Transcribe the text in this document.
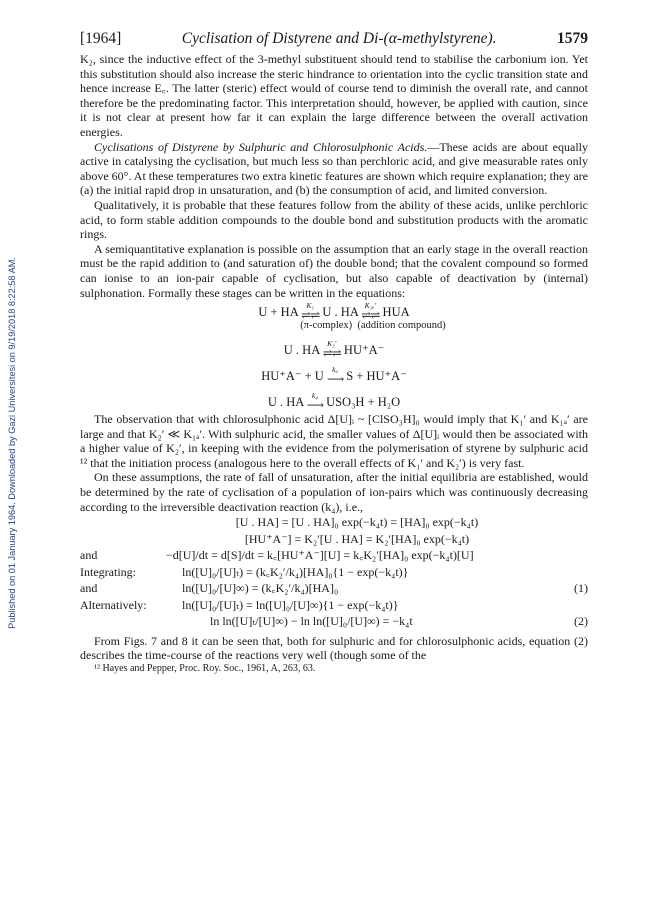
Published on 01 January 1964. Downloaded by Gazi Universitesi on 9/19/2018 8:22:58 AM.
[1964]	Cyclisation of Distyrene and Di-(α-methylstyrene).	1579

K₂, since the inductive effect of the 3-methyl substituent should tend to stabilise the carbonium ion. Yet this substitution should also increase the steric hindrance to orientation into the cyclic transition state and hence increase E꜀. The latter (steric) effect would of course tend to diminish the overall rate, and cannot therefore be the predominating factor. This interpretation should, however, be applied with caution, since it is not clear at present how far it can explain the large difference between the overall activation energies.

Cyclisations of Distyrene by Sulphuric and Chlorosulphonic Acids.—These acids are about equally active in catalysing the cyclisation, but much less so than perchloric acid, and give measurable rates only above 60°. At these temperatures two extra kinetic features are shown which require explanation; they are (a) the initial rapid drop in unsaturation, and (b) the consumption of acid, and limited conversion.

Qualitatively, it is probable that these features follow from the ability of these acids, unlike perchloric acid, to form stable addition compounds to the double bond and substitution products with the aromatic rings.

A semiquantitative explanation is possible on the assumption that an early stage in the overall reaction must be the rapid addition to (and saturation of) the double bond; that the covalent compound so formed can ionise to an ion-pair capable of cyclisation, but also capable of deactivation by (internal) sulphonation. Formally these stages can be written in the equations:

U + HA	K₁
⇌⇌ U . HA K₁ₐ′
⇌⇌ HUA
(π-complex) (addition compound)
U . HA	K₂′
⇌⇌ HU⁺A⁻
HU⁺A⁻ + U	k꜀
⟶ S + HU⁺A⁻
U . HA	k₄
⟶ USO₃H + H₂O

The observation that with chlorosulphonic acid Δ[U]ᵢ ~ [ClSO₃H]₀ would imply that K₁′ and K₁ₐ′ are large and that K₂′ ≪ K₁ₐ′. With sulphuric acid, the smaller values of Δ[U]ᵢ would then be associated with a higher value of K₂′, in keeping with the evidence from the polymerisation of styrene by sulphuric acid ¹² that the initiation process (analogous here to the overall effects of K₁′ and K₂′) is very fast.

On these assumptions, the rate of fall of unsaturation, after the initial equilibria are established, would be determined by the rate of cyclisation of a population of ion-pairs which was continuously decreasing according to the irreversible deactivation reaction (k₄), i.e.,

	[U . HA] = [U . HA]₀ exp(−k₄t) = [HA]₀ exp(−k₄t)	
	[HU⁺A⁻] = K₂′[U . HA] = K₂′[HA]₀ exp(−k₄t)	
and	−d[U]/dt = d[S]/dt = k꜀[HU⁺A⁻][U] = k꜀K₂′[HA]₀ exp(−k₄t)[U]	
Integrating:	ln([U]₀/[U]ₜ) = (k꜀K₂′/k₄)[HA]₀{1 − exp(−k₄t)}	
and	ln([U]₀/[U]∞) = (k꜀K₂′/k₄)[HA]₀	(1)
Alternatively:	ln([U]₀/[U]ₜ) = ln([U]₀/[U]∞){1 − exp(−k₄t)}	
	ln ln([U]ₜ/[U]∞) − ln ln([U]₀/[U]∞) = −k₄t	(2)

From Figs. 7 and 8 it can be seen that, both for sulphuric and for chlorosulphonic acids, equation (2) describes the time-course of the reactions very well (though some of the

¹² Hayes and Pepper, Proc. Roy. Soc., 1961, A, 263, 63.
